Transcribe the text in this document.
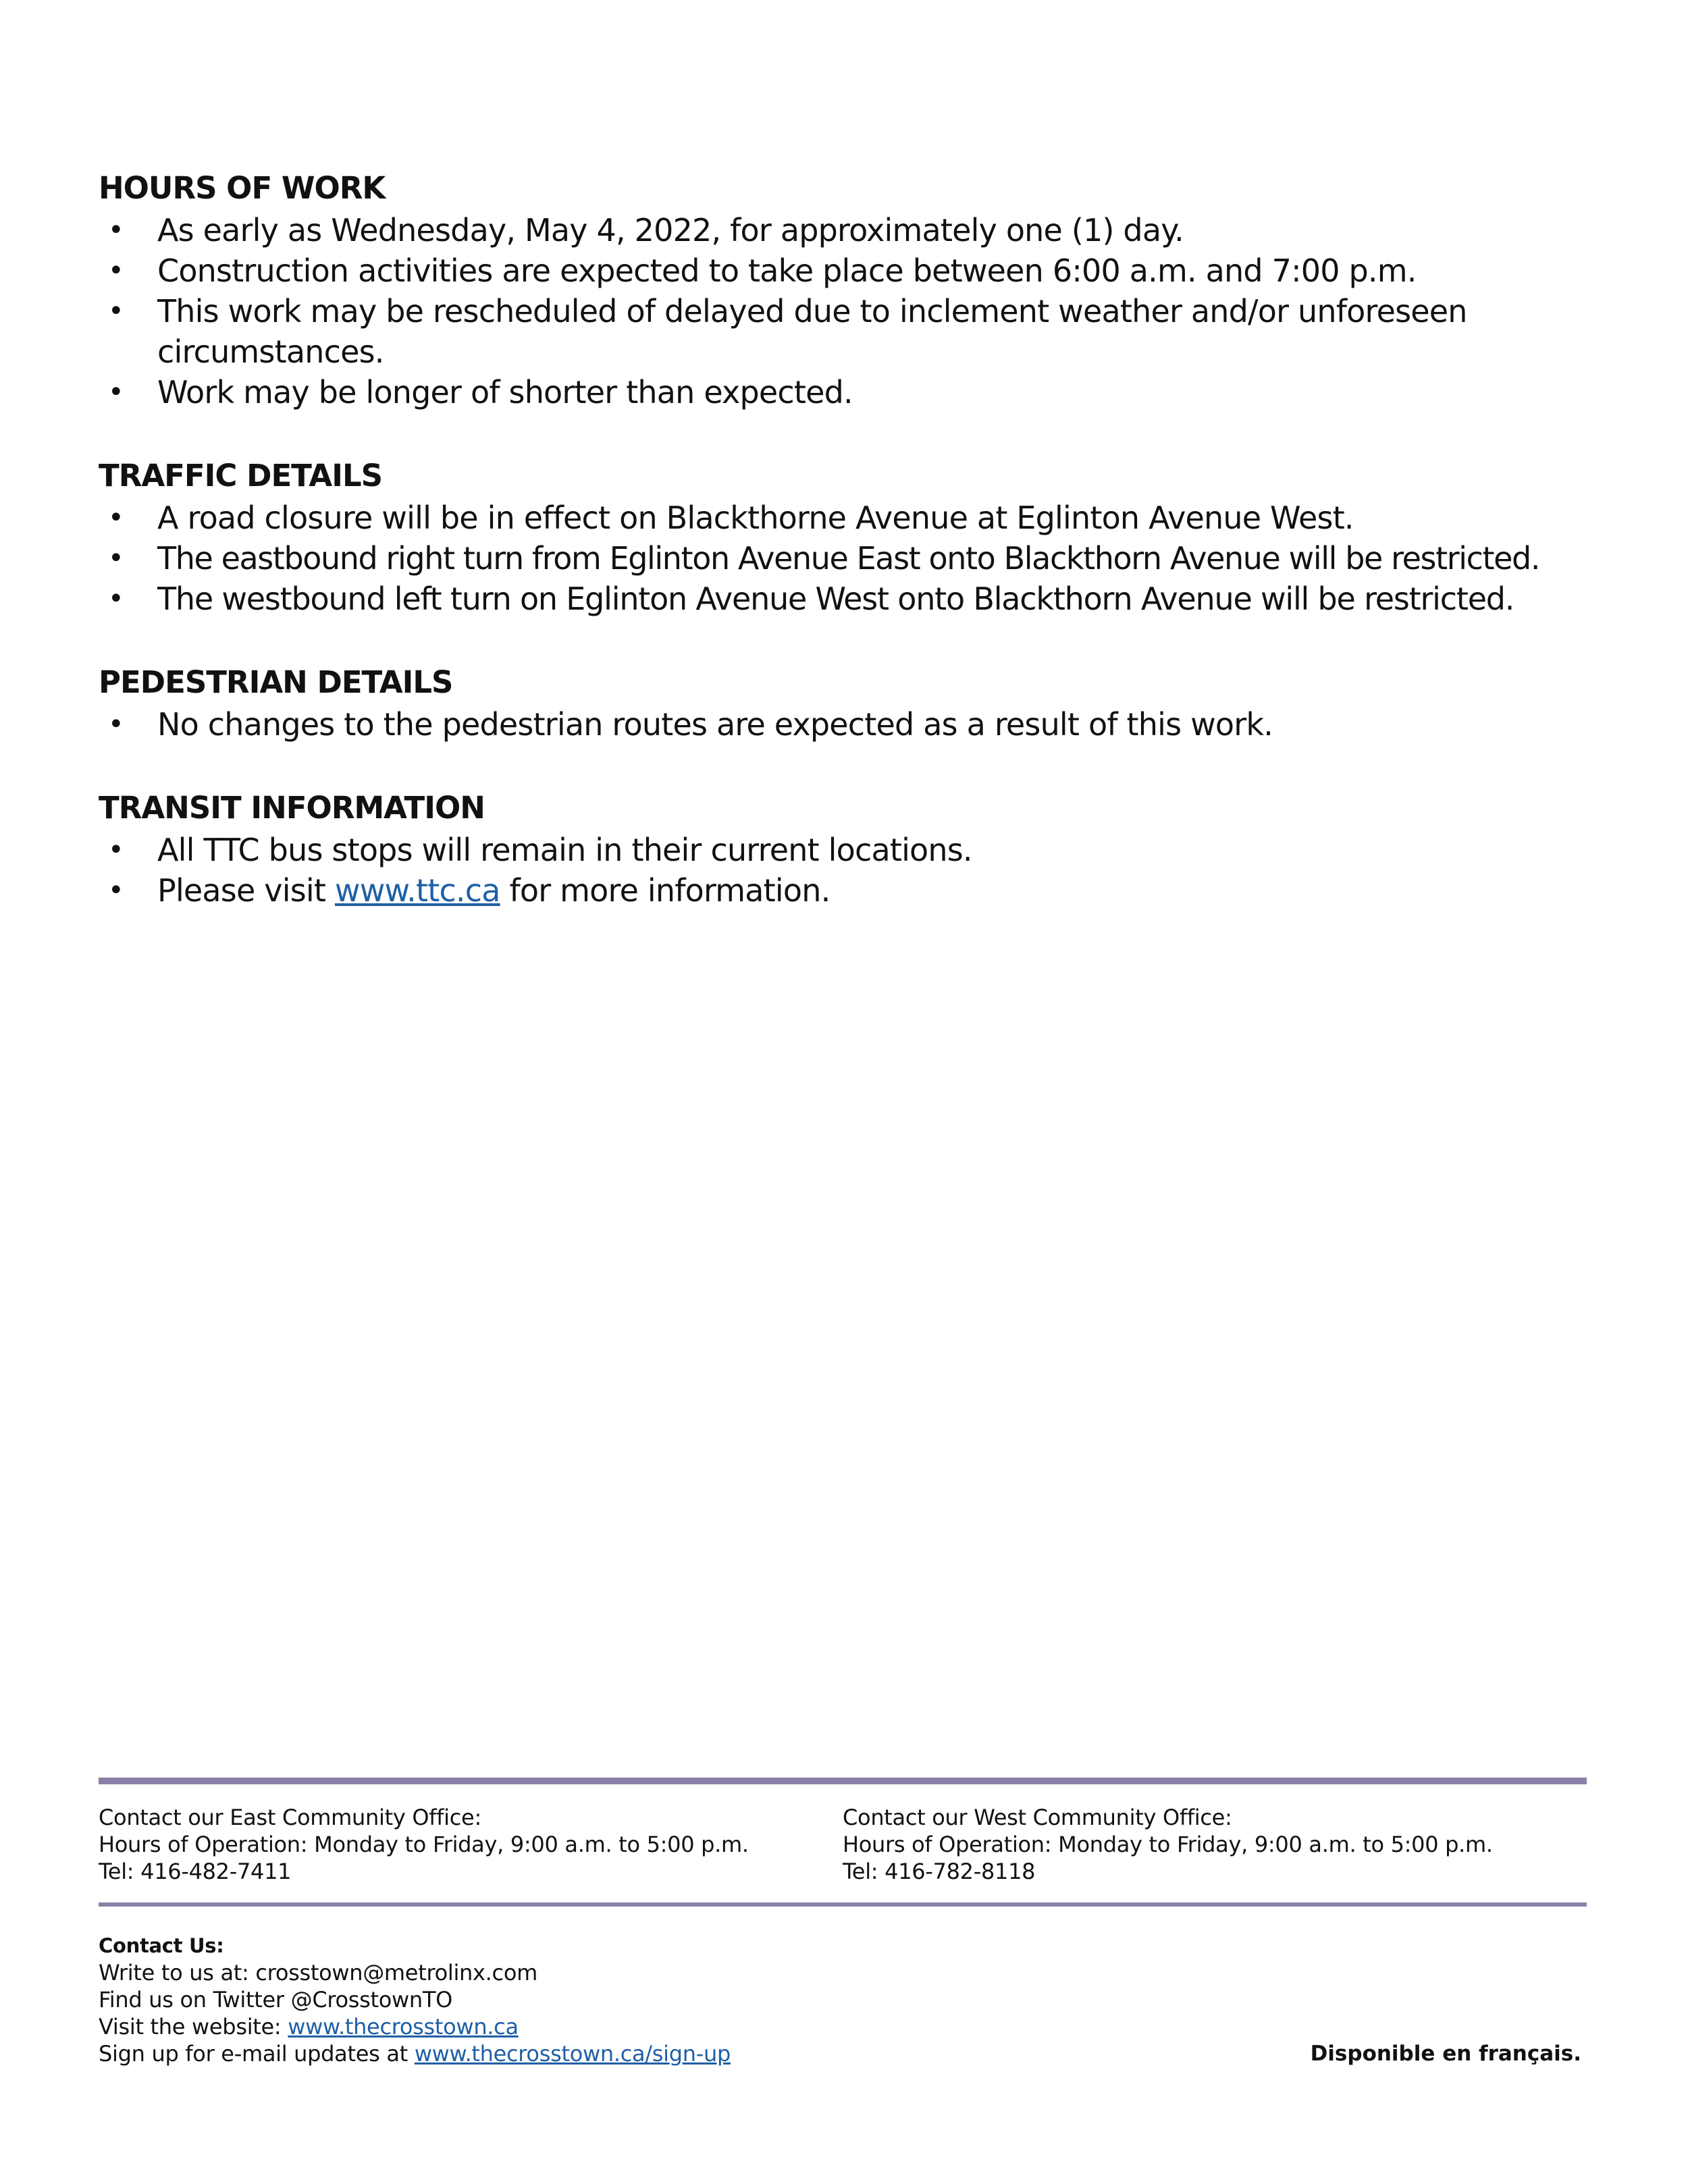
HOURS OF WORK
• As early as Wednesday, May 4, 2022, for approximately one (1) day.
• Construction activities are expected to take place between 6:00 a.m. and 7:00 p.m.
• This work may be rescheduled of delayed due to inclement weather and/or unforeseen circumstances.
• Work may be longer of shorter than expected.
TRAFFIC DETAILS
• A road closure will be in effect on Blackthorne Avenue at Eglinton Avenue West.
• The eastbound right turn from Eglinton Avenue East onto Blackthorn Avenue will be restricted.
• The westbound left turn on Eglinton Avenue West onto Blackthorn Avenue will be restricted.
PEDESTRIAN DETAILS
• No changes to the pedestrian routes are expected as a result of this work.
TRANSIT INFORMATION
• All TTC bus stops will remain in their current locations.
• Please visit www.ttc.ca for more information.
Contact our East Community Office:
Hours of Operation: Monday to Friday, 9:00 a.m. to 5:00 p.m.
Tel: 416-482-7411
Contact our West Community Office:
Hours of Operation: Monday to Friday, 9:00 a.m. to 5:00 p.m.
Tel: 416-782-8118
Contact Us:
Write to us at: crosstown@metrolinx.com
Find us on Twitter @CrosstownTO
Visit the website: www.thecrosstown.ca
Sign up for e-mail updates at www.thecrosstown.ca/sign-up	Disponible en français.
